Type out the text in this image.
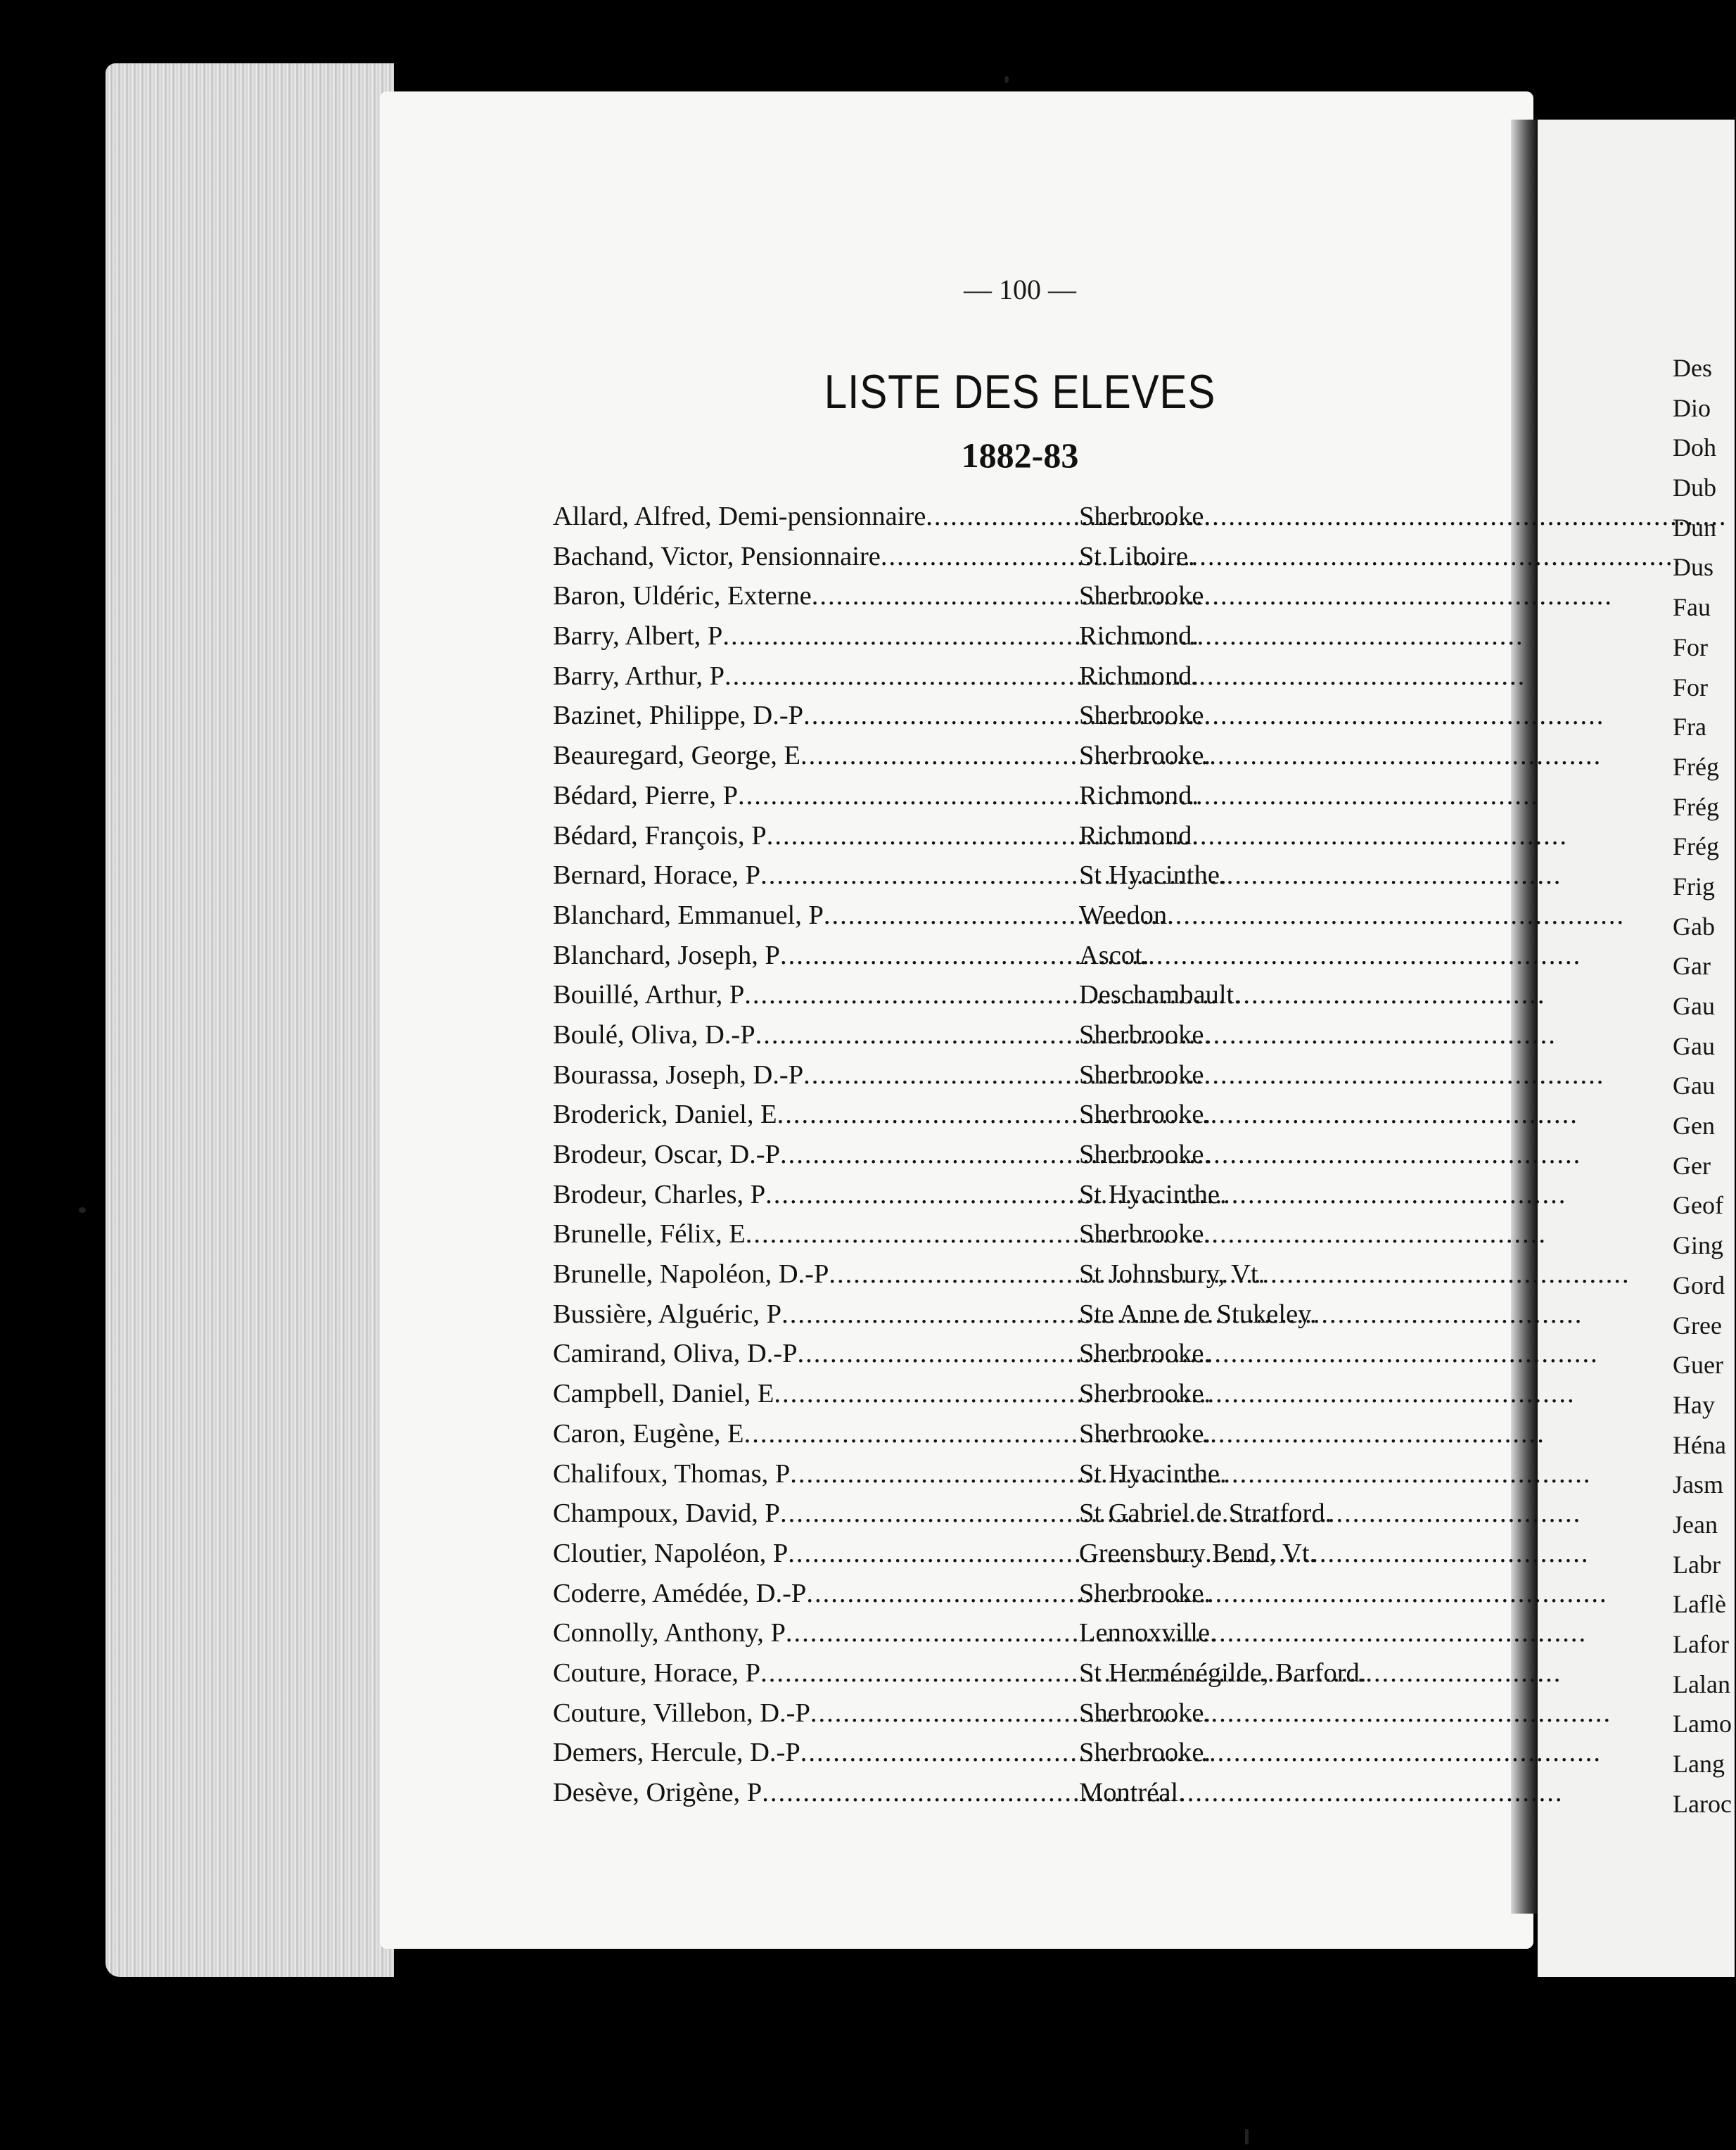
— 100 —
LISTE DES ELEVES
1882-83
Allard, Alfred, Demi-pensionnaire .....	Sherbrooke.
Bachand, Victor, Pensionnaire .....	St Liboire.
Baron, Uldéric, Externe .....	Sherbrooke.
Barry, Albert, P .....	Richmond.
Barry, Arthur, P .....	Richmond.
Bazinet, Philippe, D.-P .....	Sherbrooke.
Beauregard, George, E .....	Sherbrooke.
Bédard, Pierre, P .....	Richmond.
Bédard, François, P .....	Richmond.
Bernard, Horace, P .....	St Hyacinthe.
Blanchard, Emmanuel, P .....	Weedon.
Blanchard, Joseph, P .....	Ascot.
Bouillé, Arthur, P .....	Deschambault.
Boulé, Oliva, D.-P .....	Sherbrooke.
Bourassa, Joseph, D.-P .....	Sherbrooke.
Broderick, Daniel, E .....	Sherbrooke.
Brodeur, Oscar, D.-P .....	Sherbrooke.
Brodeur, Charles, P .....	St Hyacinthe.
Brunelle, Félix, E .....	Sherbrooke.
Brunelle, Napoléon, D.-P .....	St Johnsbury, Vt.
Bussière, Alguéric, P .....	Ste Anne de Stukeley.
Camirand, Oliva, D.-P .....	Sherbrooke.
Campbell, Daniel, E .....	Sherbrooke.
Caron, Eugène, E .....	Sherbrooke.
Chalifoux, Thomas, P .....	St Hyacinthe.
Champoux, David, P .....	St Gabriel de Stratford.
Cloutier, Napoléon, P .....	Greensbury Bend, Vt.
Coderre, Amédée, D.-P .....	Sherbrooke.
Connolly, Anthony, P .....	Lennoxville.
Couture, Horace, P .....	St Herménégilde, Barford.
Couture, Villebon, D.-P .....	Sherbrooke.
Demers, Hercule, D.-P .....	Sherbrooke.
Desève, Origène, P .....	Montréal.
Des
Dio
Doh
Dub
Dun
Dus
Fau
For
For
Fra
Frég
Frég
Frég
Frig
Gab
Gar
Gau
Gau
Gau
Gen
Ger
Geof
Ging
Gord
Gree
Guer
Hay
Héna
Jasm
Jean
Labr
Laflè
Lafor
Lalan
Lamo
Lang
Laroc
